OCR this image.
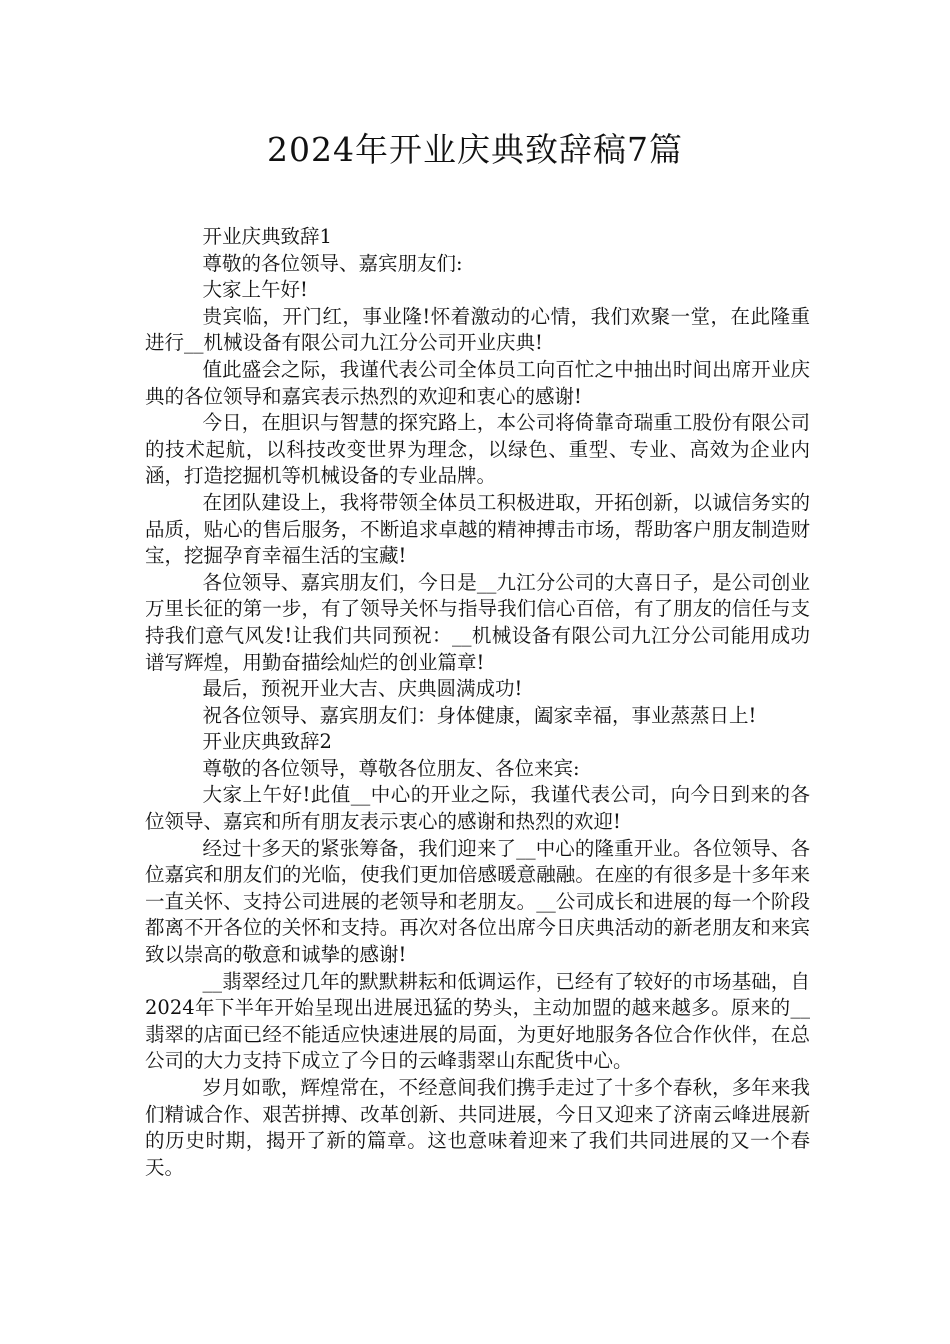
2024年开业庆典致辞稿7篇

开业庆典致辞1

尊敬的各位领导、嘉宾朋友们:

大家上午好!

贵宾临，开门红，事业隆!怀着激动的心情，我们欢聚一堂，在此隆重进行__机械设备有限公司九江分公司开业庆典!

值此盛会之际，我谨代表公司全体员工向百忙之中抽出时间出席开业庆典的各位领导和嘉宾表示热烈的欢迎和衷心的感谢!

今日，在胆识与智慧的探究路上，本公司将倚靠奇瑞重工股份有限公司的技术起航，以科技改变世界为理念，以绿色、重型、专业、高效为企业内涵，打造挖掘机等机械设备的专业品牌。

在团队建设上，我将带领全体员工积极进取，开拓创新，以诚信务实的品质，贴心的售后服务，不断追求卓越的精神搏击市场，帮助客户朋友制造财宝，挖掘孕育幸福生活的宝藏!

各位领导、嘉宾朋友们，今日是__九江分公司的大喜日子，是公司创业万里长征的第一步，有了领导关怀与指导我们信心百倍，有了朋友的信任与支持我们意气风发!让我们共同预祝：__机械设备有限公司九江分公司能用成功谱写辉煌，用勤奋描绘灿烂的创业篇章!

最后，预祝开业大吉、庆典圆满成功!

祝各位领导、嘉宾朋友们：身体健康，阖家幸福，事业蒸蒸日上!

开业庆典致辞2

尊敬的各位领导，尊敬各位朋友、各位来宾:

大家上午好!此值__中心的开业之际，我谨代表公司，向今日到来的各位领导、嘉宾和所有朋友表示衷心的感谢和热烈的欢迎!

经过十多天的紧张筹备，我们迎来了__中心的隆重开业。各位领导、各位嘉宾和朋友们的光临，使我们更加倍感暖意融融。在座的有很多是十多年来一直关怀、支持公司进展的老领导和老朋友。__公司成长和进展的每一个阶段都离不开各位的关怀和支持。再次对各位出席今日庆典活动的新老朋友和来宾致以崇高的敬意和诚挚的感谢!

__翡翠经过几年的默默耕耘和低调运作，已经有了较好的市场基础，自2024年下半年开始呈现出进展迅猛的势头，主动加盟的越来越多。原来的__翡翠的店面已经不能适应快速进展的局面，为更好地服务各位合作伙伴，在总公司的大力支持下成立了今日的云峰翡翠山东配货中心。

岁月如歌，辉煌常在，不经意间我们携手走过了十多个春秋，多年来我们精诚合作、艰苦拼搏、改革创新、共同进展，今日又迎来了济南云峰进展新的历史时期，揭开了新的篇章。这也意味着迎来了我们共同进展的又一个春天。
